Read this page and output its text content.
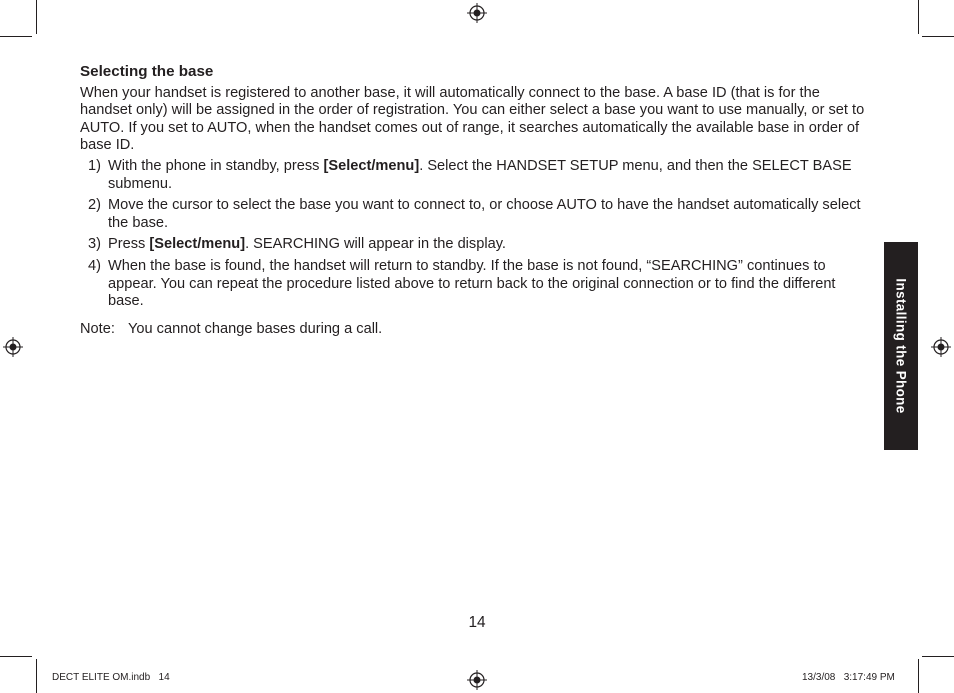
Selecting the base
When your handset is registered to another base, it will automatically connect to the base. A base ID (that is for the handset only) will be assigned in the order of registration. You can either select a base you want to use manually, or set to AUTO. If you set to AUTO, when the handset comes out of range, it searches automatically the available base in order of base ID.
1) With the phone in standby, press [Select/menu]. Select the HANDSET SETUP menu, and then the SELECT BASE submenu.
2) Move the cursor to select the base you want to connect to, or choose AUTO to have the handset automatically select the base.
3) Press [Select/menu]. SEARCHING will appear in the display.
4) When the base is found, the handset will return to standby. If the base is not found, “SEARCHING” continues to appear. You can repeat the procedure listed above to return back to the original connection or to find the different base.
Note: You cannot change bases during a call.	Installing the Phone
14
DECT ELITE OM.indb   14	13/3/08   3:17:49 PM
